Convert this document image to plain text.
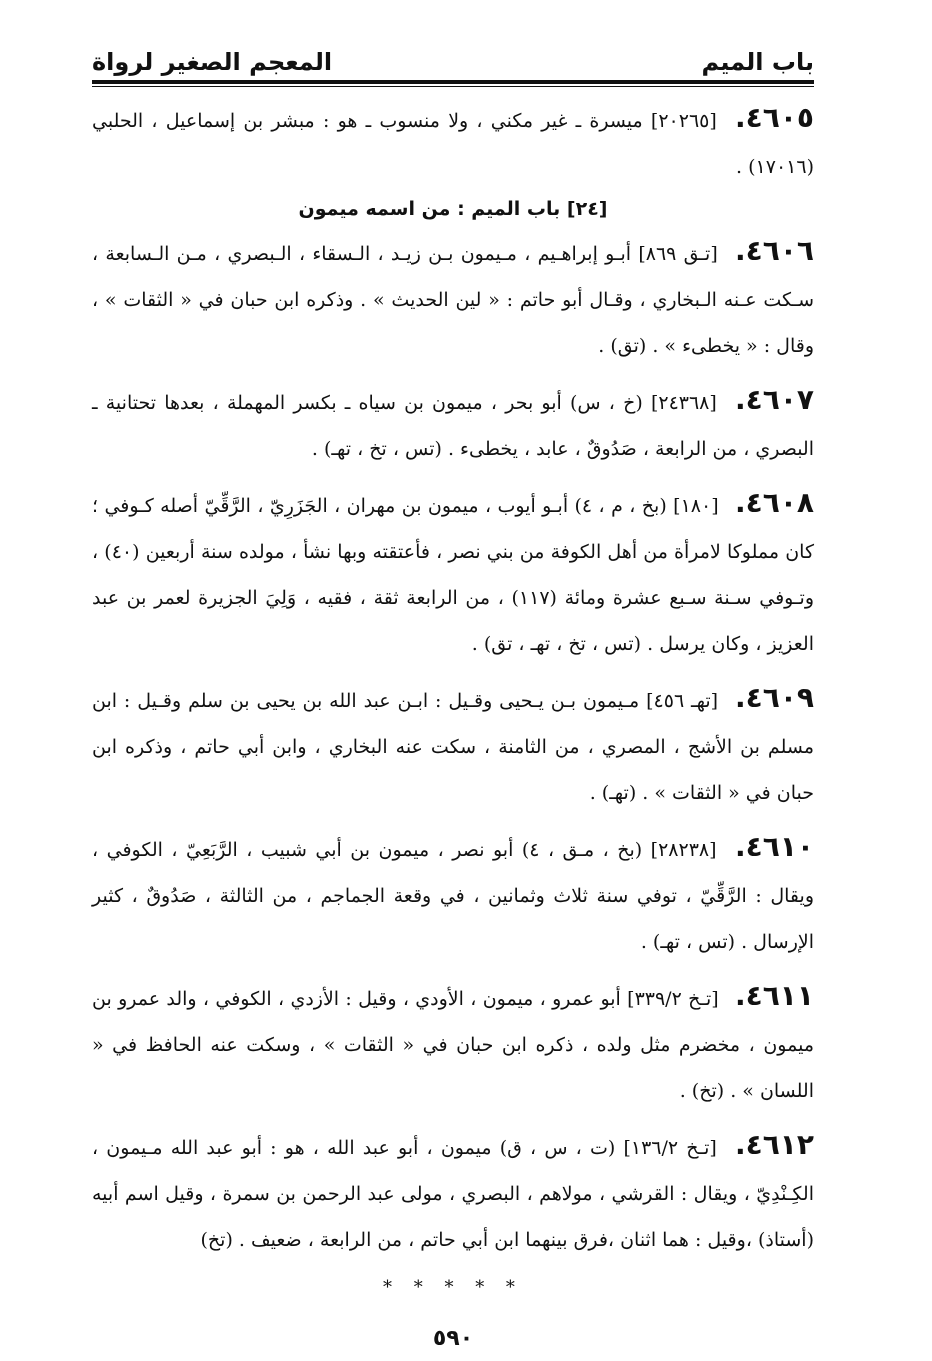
باب الميم
المعجم الصغير لرواة
٤٦٠٥. [٢٠٢٦٥] ميسرة ـ غير مكني ، ولا منسوب ـ هو : مبشر بن إسماعيل ، الحلبي (١٧٠١٦) .
[٢٤] باب الميم : من اسمه ميمون
٤٦٠٦. [تـق ٨٦٩] أبـو إبراهـيم ، مـيمون بـن زيـد ، الـسقاء ، الـبصري ، مـن الـسابعة ، سـكت عـنه الـبخاري ، وقـال أبو حاتم : « لين الحديث » . وذكره ابن حبان في « الثقات » ، وقال : « يخطىء » . (تق) .
٤٦٠٧. [٢٤٣٦٨] (خ ، س) أبو بحر ، ميمون بن سياه ـ بكسر المهملة ، بعدها تحتانية ـ البصري ، من الرابعة ، صَدُوقٌ ، عابد ، يخطىء . (تس ، تخ ، تهـ) .
٤٦٠٨. [١٨٠] (بخ ، م ، ٤) أبـو أيوب ، ميمون بن مهران ، الجَزَرِيّ ، الرَّقِّيّ أصله كـوفي ؛ كان مملوكا لامرأة من أهل الكوفة من بني نصر ، فأعتقته وبها نشأ ، مولده سنة أربعين (٤٠) ، وتـوفي سـنة سـبع عشرة ومائة (١١٧) ، من الرابعة ثقة ، فقيه ، وَلِيَ الجزيرة لعمر بن عبد العزيز ، وكان يرسل . (تس ، تخ ، تهـ ، تق) .
٤٦٠٩. [تهـ ٤٥٦] مـيمون بـن يـحيى وقـيل : ابـن عبد الله بن يحيى بن سلم وقـيل : ابن مسلم بن الأشج ، المصري ، من الثامنة ، سكت عنه البخاري ، وابن أبي حاتم ، وذكره ابن حبان في « الثقات » . (تهـ) .
٤٦١٠. [٢٨٢٣٨] (بخ ، مـق ، ٤) أبو نصر ، ميمون بن أبي شبيب ، الرَّبَعِيّ ، الكوفي ، ويقال : الرَّقِّيّ ، توفي سنة ثلاث وثمانين ، في وقعة الجماجم ، من الثالثة ، صَدُوقٌ ، كثير الإرسال . (تس ، تهـ) .
٤٦١١. [تـخ ٣٣٩/٢] أبو عمرو ، ميمون ، الأودي ، وقيل : الأزدي ، الكوفي ، والد عمرو بن ميمون ، مخضرم مثل ولده ، ذكره ابن حبان في « الثقات » ، وسكت عنه الحافظ في « اللسان » . (تخ) .
٤٦١٢. [تـخ ١٣٦/٢] (ت ، س ، ق) ميمون ، أبو عبد الله ، هو : أبو عبد الله مـيمون ، الكِـنْدِيّ ، ويقال : القرشي ، مولاهم ، البصري ، مولى عبد الرحمن بن سمرة ، وقيل اسم أبيه (أستاذ) ،وقيل : هما اثنان ،فرق بينهما ابن أبي حاتم ، من الرابعة ، ضعيف . (تخ)
* * * * *
٥٩٠
